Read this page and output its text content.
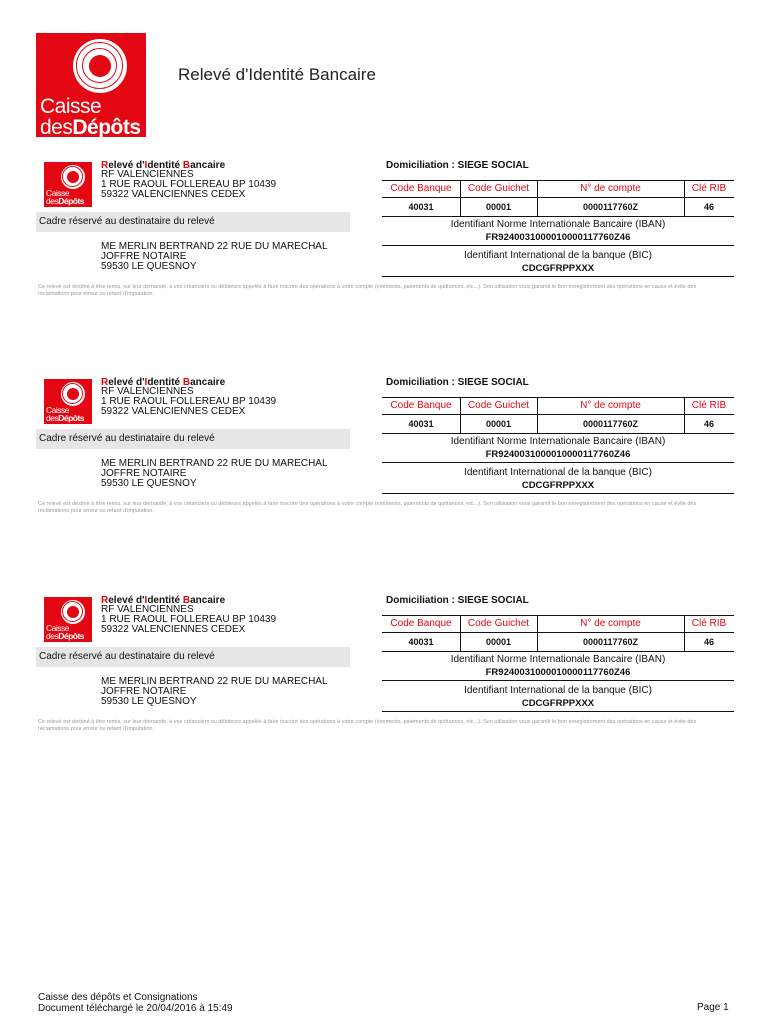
Caisse
desDépôts
Relevé d'Identité Bancaire
Caisse
desDépôts
Relevé d'Identité Bancaire
RF VALENCIENNES
1 RUE RAOUL FOLLEREAU BP 10439
59322 VALENCIENNES CEDEX
Cadre réservé au destinataire du relevé
ME MERLIN BERTRAND 22 RUE DU MARECHAL
JOFFRE NOTAIRE
59530 LE QUESNOY
Ce relevé est destiné à être remis, sur leur demande, à vos créanciers ou débiteurs appelés à faire inscrire des opérations à votre compte (virements, paiements de quittances, etc...). Son utilisation vous garantit le bon enregistrement des opérations en cause et évite des réclamations pour erreur ou retard d'imputation.
Domiciliation : SIEGE SOCIAL
Code Banque	Code Guichet	N° de compte	Clé RIB
40031	00001	0000117760Z	46
Identifiant Norme Internationale Bancaire (IBAN)
FR9240031000010000117760Z46
Identifiant International de la banque (BIC)
CDCGFRPPXXX
Caisse
desDépôts
Relevé d'Identité Bancaire
RF VALENCIENNES
1 RUE RAOUL FOLLEREAU BP 10439
59322 VALENCIENNES CEDEX
Cadre réservé au destinataire du relevé
ME MERLIN BERTRAND 22 RUE DU MARECHAL
JOFFRE NOTAIRE
59530 LE QUESNOY
Ce relevé est destiné à être remis, sur leur demande, à vos créanciers ou débiteurs appelés à faire inscrire des opérations à votre compte (virements, paiements de quittances, etc...). Son utilisation vous garantit le bon enregistrement des opérations en cause et évite des réclamations pour erreur ou retard d'imputation.
Domiciliation : SIEGE SOCIAL
Code Banque	Code Guichet	N° de compte	Clé RIB
40031	00001	0000117760Z	46
Identifiant Norme Internationale Bancaire (IBAN)
FR9240031000010000117760Z46
Identifiant International de la banque (BIC)
CDCGFRPPXXX
Caisse
desDépôts
Relevé d'Identité Bancaire
RF VALENCIENNES
1 RUE RAOUL FOLLEREAU BP 10439
59322 VALENCIENNES CEDEX
Cadre réservé au destinataire du relevé
ME MERLIN BERTRAND 22 RUE DU MARECHAL
JOFFRE NOTAIRE
59530 LE QUESNOY
Ce relevé est destiné à être remis, sur leur demande, à vos créanciers ou débiteurs appelés à faire inscrire des opérations à votre compte (virements, paiements de quittances, etc...). Son utilisation vous garantit le bon enregistrement des opérations en cause et évite des réclamations pour erreur ou retard d'imputation.
Domiciliation : SIEGE SOCIAL
Code Banque	Code Guichet	N° de compte	Clé RIB
40031	00001	0000117760Z	46
Identifiant Norme Internationale Bancaire (IBAN)
FR9240031000010000117760Z46
Identifiant International de la banque (BIC)
CDCGFRPPXXX
Caisse des dépôts et Consignations
Document téléchargé le 20/04/2016 à 15:49	Page 1
